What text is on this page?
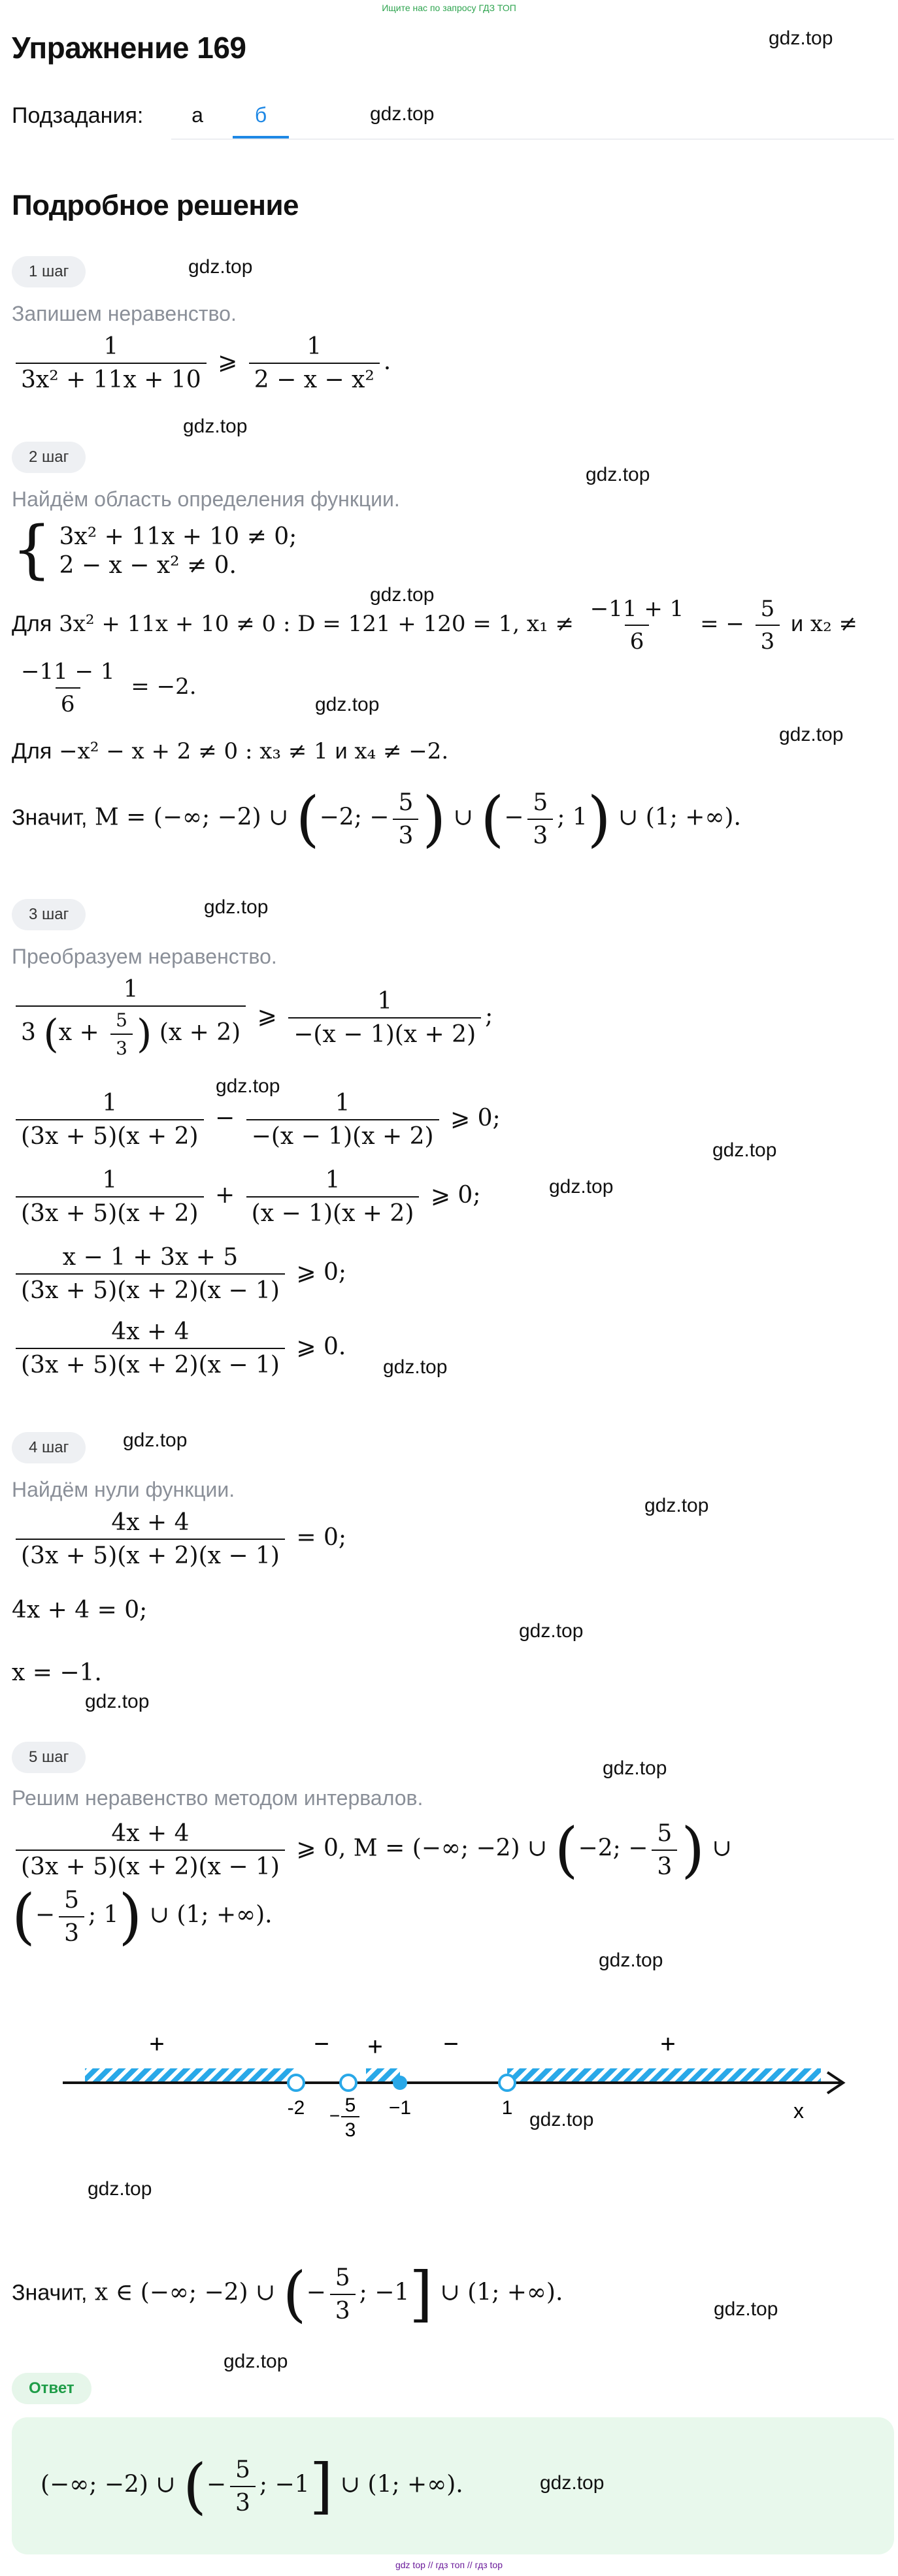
Ищите нас по запросу ГДЗ ТОП
Упражнение 169	gdz.top
Подзадания:	а	б	gdz.top
Подробное решение
1 шаг	gdz.top
Запишем неравенство.
$\frac{1}{\text{3x² + 11x + 10}}$ ⩾ $\frac{1}{\text{2 − x − x²}}$ .
gdz.top
2 шаг
gdz.top
Найдём область определения функции.
{ 3x² + 11x + 10 ≠ 0;
2 − x − x² ≠ 0.
gdz.top
Для 3x² + 11x + 10 ≠ 0 : D = 121 + 120 = 1, $x_1 \ne \frac{-11 + 1}{6}$ = − $\frac{5}{3}$ и x₂ ≠
$\frac{-11 - 1}{6} = -2$.
gdz.top
gdz.top
Для −x² − x + 2 ≠ 0 : x₃ ≠ 1 и x₄ ≠ −2.
Значит, M = (−∞; −2) ∪ (−2; − $\frac{5}{3}$ ) ∪ (− $\frac{5}{3}$ ; 1) ∪ (1; +∞).
3 шаг	gdz.top
Преобразуем неравенство.
$\frac{1}{3 (x + \frac{5}{3} ) (x + 2)}$ ⩾ $\frac{1}{-(x - 1)(x + 2)}$ ;
gdz.top
$\frac{1}{(3x + 5)(x + 2)} - \frac{1}{-(x - 1)(x + 2)}$ ⩾ 0;
gdz.top
gdz.top
$\frac{1}{(3x + 5)(x + 2)} + \frac{1}{(x - 1)(x + 2)}$ ⩾ 0;
$\frac{x - 1 + 3x + 5}{(3x + 5)(x + 2)(x - 1)}$ ⩾ 0;
$\frac{4x + 4}{(3x + 5)(x + 2)(x - 1)}$ ⩾ 0.
gdz.top
4 шаг	gdz.top
Найдём нули функции.
gdz.top
$\frac{4x + 4}{(3x + 5)(x + 2)(x - 1)} = 0$;
4x + 4 = 0;
gdz.top
x = −1.
gdz.top
5 шаг
gdz.top
Решим неравенство методом интервалов.
$\frac{4x + 4}{(3x + 5)(x + 2)(x - 1)}$ ⩾ 0, M = (−∞; −2) ∪ (−2; − $\frac{5}{3}$ ) ∪
(− $\frac{5}{3}$ ; 1) ∪ (1; +∞).
gdz.top
+	− + −	+
-2 − 5
3
−1	1	x
gdz.top
gdz.top
Значит, x ∈ (−∞; −2) ∪ (− $\frac{5}{3}$ ; −1] ∪ (1; +∞).
gdz.top
gdz.top
Ответ
(−∞; −2) ∪ (− $\frac{5}{3}$ ; −1] ∪ (1; +∞).	gdz.top
gdz top // гдз топ // гдз top
